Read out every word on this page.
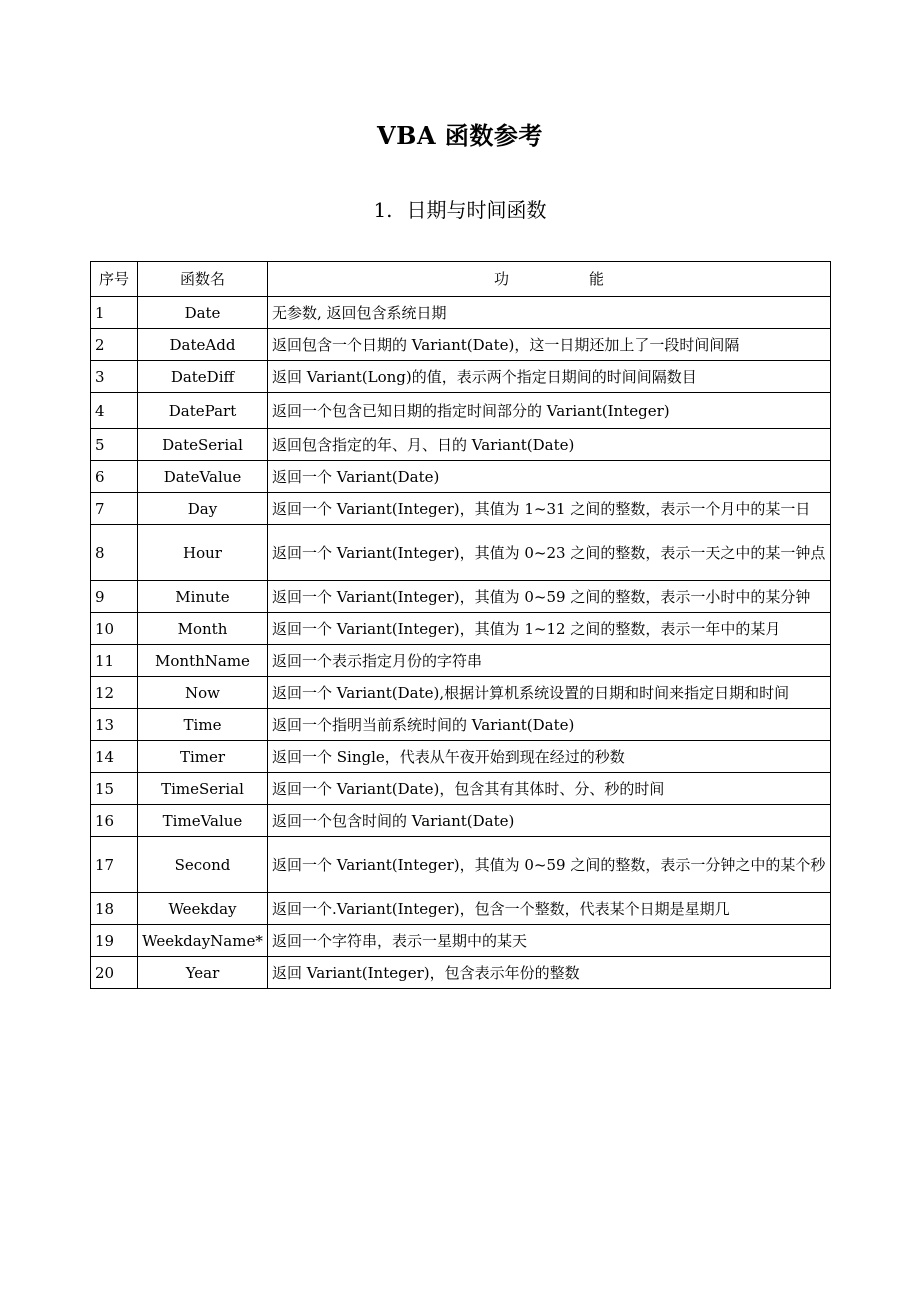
VBA 函数参考
1. 日期与时间函数
序号	函数名	功 能
1	Date	无参数, 返回包含系统日期
2	DateAdd	返回包含一个日期的 Variant(Date)，这一日期还加上了一段时间间隔
3	DateDiff	返回 Variant(Long)的值，表示两个指定日期间的时间间隔数目
4	DatePart	返回一个包含已知日期的指定时间部分的 Variant(Integer)
5	DateSerial	返回包含指定的年、月、日的 Variant(Date)
6	DateValue	返回一个 Variant(Date)
7	Day	返回一个 Variant(Integer)，其值为 1~31 之间的整数，表示一个月中的某一日
8	Hour	返回一个 Variant(Integer)，其值为 0~23 之间的整数，表示一天之中的某一钟点
9	Minute	返回一个 Variant(Integer)，其值为 0~59 之间的整数，表示一小时中的某分钟
10	Month	返回一个 Variant(Integer)，其值为 1~12 之间的整数，表示一年中的某月
11	MonthName	返回一个表示指定月份的字符串
12	Now	返回一个 Variant(Date),根据计算机系统设置的日期和时间来指定日期和时间
13	Time	返回一个指明当前系统时间的 Variant(Date)
14	Timer	返回一个 Single，代表从午夜开始到现在经过的秒数
15	TimeSerial	返回一个 Variant(Date)，包含其有其体时、分、秒的时间
16	TimeValue	返回一个包含时间的 Variant(Date)
17	Second	返回一个 Variant(Integer)，其值为 0~59 之间的整数，表示一分钟之中的某个秒
18	Weekday	返回一个.Variant(Integer)，包含一个整数，代表某个日期是星期几
19	WeekdayName*	返回一个字符串，表示一星期中的某天
20	Year	返回 Variant(Integer)，包含表示年份的整数
